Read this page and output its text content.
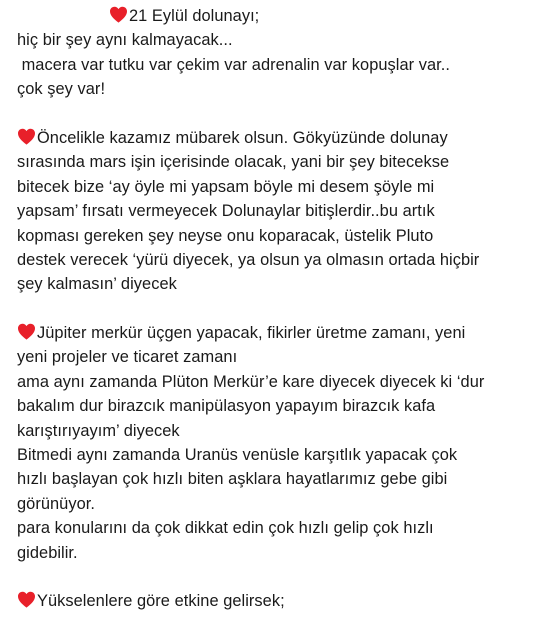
21 Eylül dolunayı;
hiç bir şey aynı kalmayacak...
macera var tutku var çekim var adrenalin var kopuşlar var..
çok şey var!
Öncelikle kazamız mübarek olsun. Gökyüzünde dolunay
sırasında mars işin içerisinde olacak, yani bir şey bitecekse
bitecek bize ‘ay öyle mi yapsam böyle mi desem şöyle mi
yapsam’ fırsatı vermeyecek Dolunaylar bitişlerdir..bu artık
kopması gereken şey neyse onu koparacak, üstelik Pluto
destek verecek ‘yürü diyecek, ya olsun ya olmasın ortada hiçbir
şey kalmasın’ diyecek
Jüpiter merkür üçgen yapacak, fikirler üretme zamanı, yeni
yeni projeler ve ticaret zamanı
ama aynı zamanda Plüton Merkür’e kare diyecek diyecek ki ‘dur
bakalım dur birazcık manipülasyon yapayım birazcık kafa
karıştırıyayım’ diyecek
Bitmedi aynı zamanda Uranüs venüsle karşıtlık yapacak çok
hızlı başlayan çok hızlı biten aşklara hayatlarımız gebe gibi
görünüyor.
para konularını da çok dikkat edin çok hızlı gelip çok hızlı
gidebilir.
Yükselenlere göre etkine gelirsek;
